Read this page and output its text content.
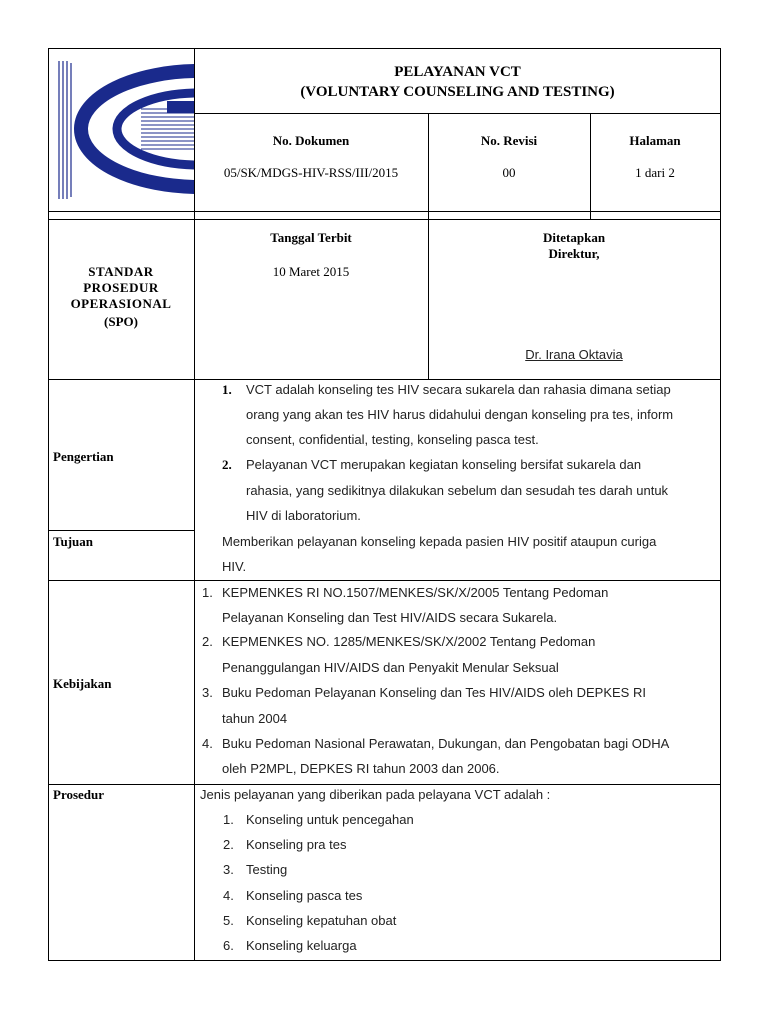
PELAYANAN VCT
(VOLUNTARY COUNSELING AND TESTING)
No. Dokumen
05/SK/MDGS-HIV-RSS/III/2015
No. Revisi
00
Halaman
1 dari 2
STANDAR
PROSEDUR
OPERASIONAL
(SPO)
Tanggal Terbit
10 Maret 2015
Ditetapkan
Direktur,
Dr. Irana Oktavia
Pengertian
1. VCT adalah konseling tes HIV secara sukarela dan rahasia dimana setiap
orang yang akan tes HIV harus didahului dengan konseling pra tes, inform
consent, confidential, testing, konseling pasca test.
2. Pelayanan VCT merupakan kegiatan konseling bersifat sukarela dan
rahasia, yang sedikitnya dilakukan sebelum dan sesudah tes darah untuk
HIV di laboratorium.
Tujuan	Memberikan pelayanan konseling kepada pasien HIV positif ataupun curiga
HIV.
Kebijakan
1. KEPMENKES RI NO.1507/MENKES/SK/X/2005 Tentang Pedoman
Pelayanan Konseling dan Test HIV/AIDS secara Sukarela.
2. KEPMENKES NO. 1285/MENKES/SK/X/2002 Tentang Pedoman
Penanggulangan HIV/AIDS dan Penyakit Menular Seksual
3. Buku Pedoman Pelayanan Konseling dan Tes HIV/AIDS oleh DEPKES RI
tahun 2004
4. Buku Pedoman Nasional Perawatan, Dukungan, dan Pengobatan bagi ODHA
oleh P2MPL, DEPKES RI tahun 2003 dan 2006.
Prosedur	Jenis pelayanan yang diberikan pada pelayana VCT adalah :
1. Konseling untuk pencegahan
2. Konseling pra tes
3. Testing
4. Konseling pasca tes
5. Konseling kepatuhan obat
6. Konseling keluarga
